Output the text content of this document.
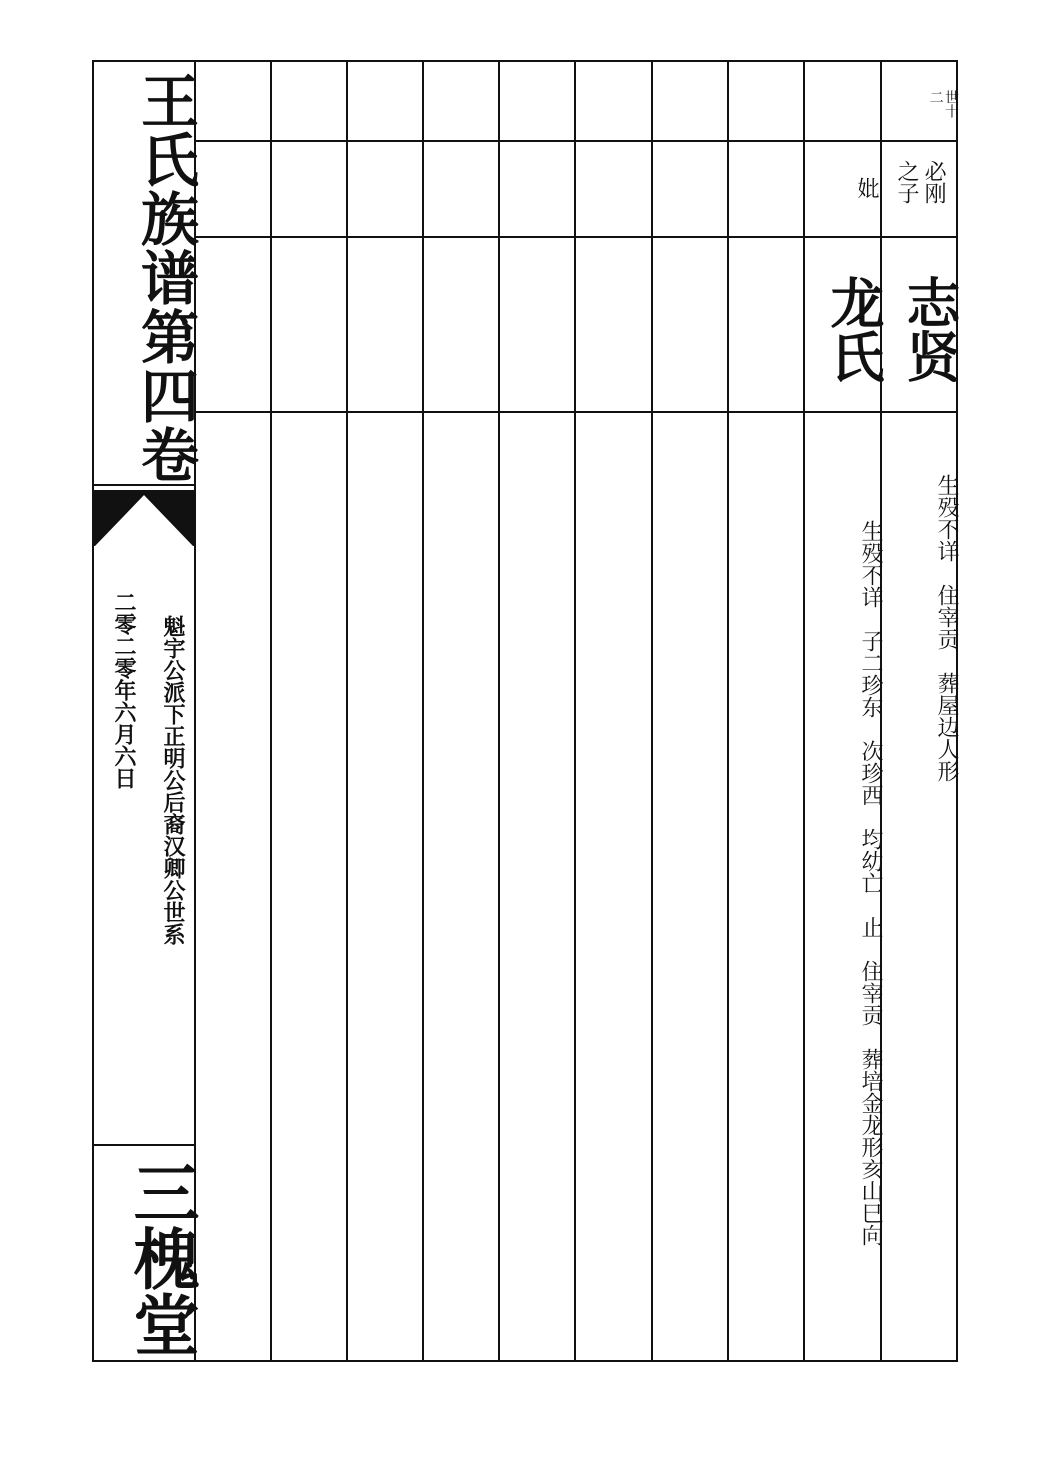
王氏族谱第四卷
魁宇公派下正明公后裔汉卿公世系
二零二零年六月六日
三槐堂
世十二
必刚
之子
志贤
生殁不详　住宰贡　葬屋边人形
妣
龙氏
生殁不详　子二珍东　次珍西　均幼亡　止　住宰贡　葬培金龙形亥山巳向
